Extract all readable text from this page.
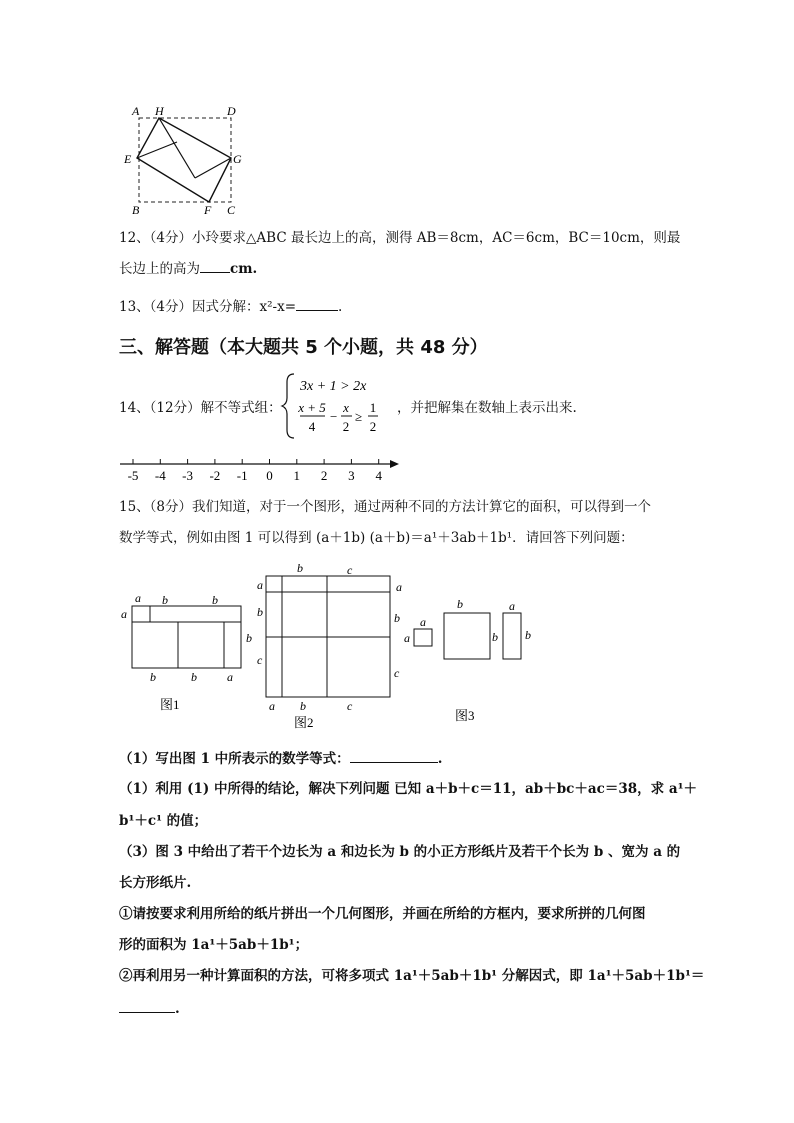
A H	D
E	G
B	F C
12、（4分）小玲要求△ABC 最长边上的高，测得 AB＝8cm，AC＝6cm，BC＝10cm，则最
长边上的高为 cm.
13、（4分）因式分解：x²-x=	.
三、解答题（本大题共 5 个小题，共 48 分）
14、（12分）解不等式组：
3x + 1 > 2x
x + 5
4
−
x
2
≥
1
2
，并把解集在数轴上表示出来.
-5 -4 -3 -2 -1 0 1 2 3 4
15、（8分）我们知道，对于一个图形，通过两种不同的方法计算它的面积，可以得到一个
数学等式，例如由图 1 可以得到 (a＋1b) (a＋b)＝a¹＋3ab＋1b¹．请回答下列问题：
a b	b
a
b
b	b	a
图1
b	c
a
b
c
a
b
c
a b	c
图2
a
a
b
b
a
b
图3
（1）写出图 1 中所表示的数学等式：	.
（1）利用 (1) 中所得的结论，解决下列问题 已知 a＋b＋c＝11，ab＋bc＋ac＝38，求 a¹＋
b¹＋c¹ 的值；
（3）图 3 中给出了若干个边长为 a 和边长为 b 的小正方形纸片及若干个长为 b 、宽为 a 的
长方形纸片.
①请按要求利用所给的纸片拼出一个几何图形，并画在所给的方框内，要求所拼的几何图
形的面积为 1a¹＋5ab＋1b¹；
②再利用另一种计算面积的方法，可将多项式 1a¹＋5ab＋1b¹ 分解因式，即 1a¹＋5ab＋1b¹＝
.
